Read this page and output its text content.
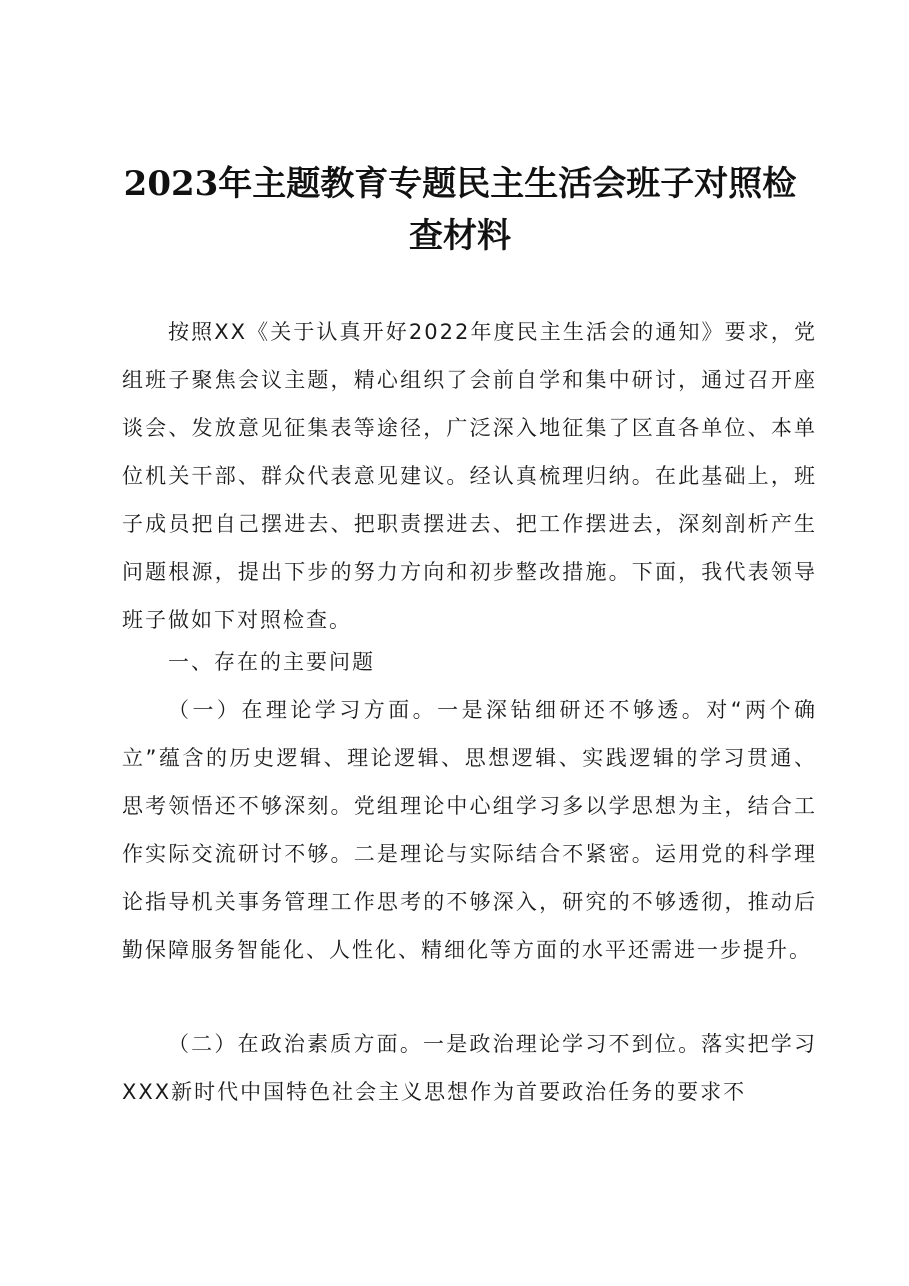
2023年主题教育专题民主生活会班子对照检查材料
按照XX《关于认真开好2022年度民主生活会的通知》要求，党组班子聚焦会议主题，精心组织了会前自学和集中研讨，通过召开座谈会、发放意见征集表等途径，广泛深入地征集了区直各单位、本单位机关干部、群众代表意见建议。经认真梳理归纳。在此基础上，班子成员把自己摆进去、把职责摆进去、把工作摆进去，深刻剖析产生问题根源，提出下步的努力方向和初步整改措施。下面，我代表领导班子做如下对照检查。
一、存在的主要问题
（一）在理论学习方面。一是深钻细研还不够透。对“两个确立”蕴含的历史逻辑、理论逻辑、思想逻辑、实践逻辑的学习贯通、思考领悟还不够深刻。党组理论中心组学习多以学思想为主，结合工作实际交流研讨不够。二是理论与实际结合不紧密。运用党的科学理论指导机关事务管理工作思考的不够深入，研究的不够透彻，推动后勤保障服务智能化、人性化、精细化等方面的水平还需进一步提升。
（二）在政治素质方面。一是政治理论学习不到位。落实把学习XXX新时代中国特色社会主义思想作为首要政治任务的要求不
